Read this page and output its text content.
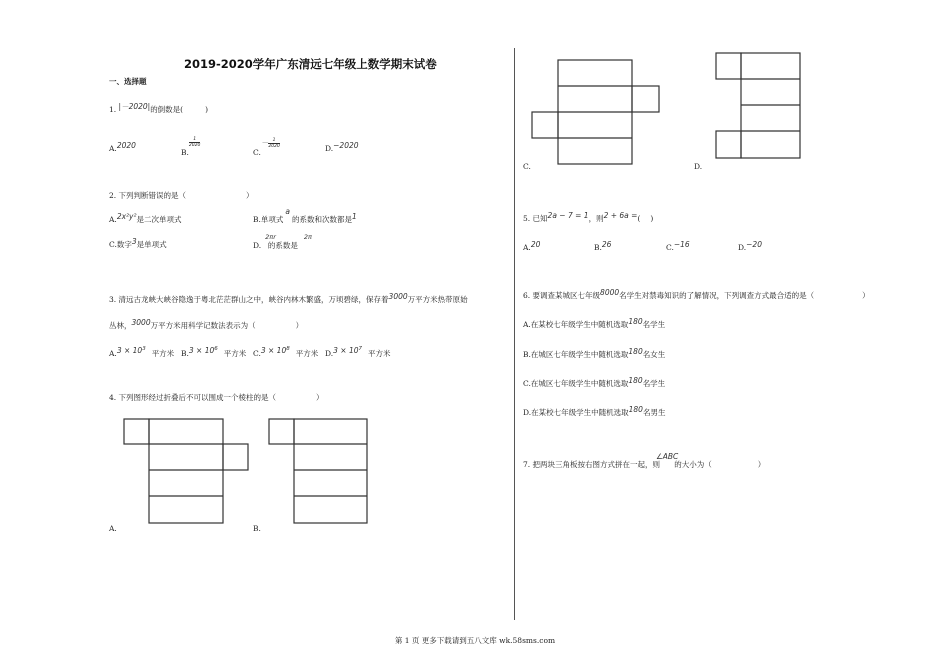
2019-2020学年广东清远七年级上数学期末试卷
一、选择题
1. |－2020|的倒数是(	)
A.2020
$B.\frac{1}{2020}$
$C.-\frac{1}{2020}$	D.−2020
2. 下列判断错误的是（	）
A.2x²y²是二次单项式	B.单项式a的系数和次数都是1
C.数字3是单项式	D.2πr的系数是2π
3. 清远古龙峡大峡谷隐逸于粤北茫茫群山之中，峡谷内林木繁盛，万顷碧绿，保存着3000万平方米热带原始
丛林，3000万平方米用科学记数法表示为（	）
$A.3 \times 10^3$ 平方米 $B.3 \times 10^6$ 平方米 $C.3 \times 10^8$ 平方米 $D.3 \times 10^7$ 平方米
4. 下列图形经过折叠后不可以围成一个棱柱的是（	）
A.	B.
C.	D.
5. 已知2a − 7 = 1，则2 + 6a =( )
A.20	B.26	C.−16	D.−20
6. 要调查某城区七年级8000名学生对禁毒知识的了解情况，下列调查方式最合适的是（	）
A.在某校七年级学生中随机选取180名学生
B.在城区七年级学生中随机选取180名女生
C.在城区七年级学生中随机选取180名学生
D.在某校七年级学生中随机选取180名男生
7. 把两块三角板按右图方式拼在一起，则∠ABC的大小为（	）
第 1 页 更多下载请到五八文库 wk.58sms.com
